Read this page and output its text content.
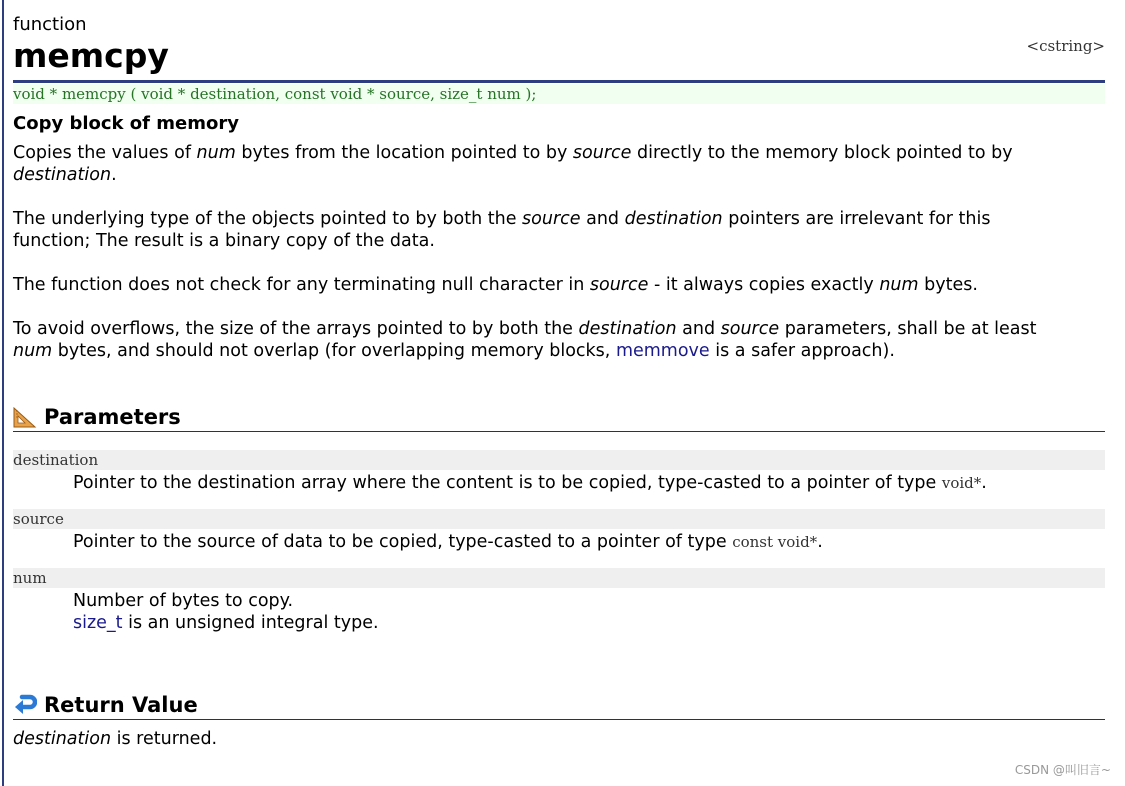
function
memcpy	<cstring>
void * memcpy ( void * destination, const void * source, size_t num );
Copy block of memory

Copies the values of num bytes from the location pointed to by source directly to the memory block pointed to by
destination.

The underlying type of the objects pointed to by both the source and destination pointers are irrelevant for this
function; The result is a binary copy of the data.

The function does not check for any terminating null character in source - it always copies exactly num bytes.

To avoid overflows, the size of the arrays pointed to by both the destination and source parameters, shall be at least
num bytes, and should not overlap (for overlapping memory blocks, memmove is a safer approach).

Parameters
destination
Pointer to the destination array where the content is to be copied, type-casted to a pointer of type void*.
source
Pointer to the source of data to be copied, type-casted to a pointer of type const void*.
num
Number of bytes to copy.
size_t is an unsigned integral type.
Return Value

destination is returned.

CSDN @叫旧言~
